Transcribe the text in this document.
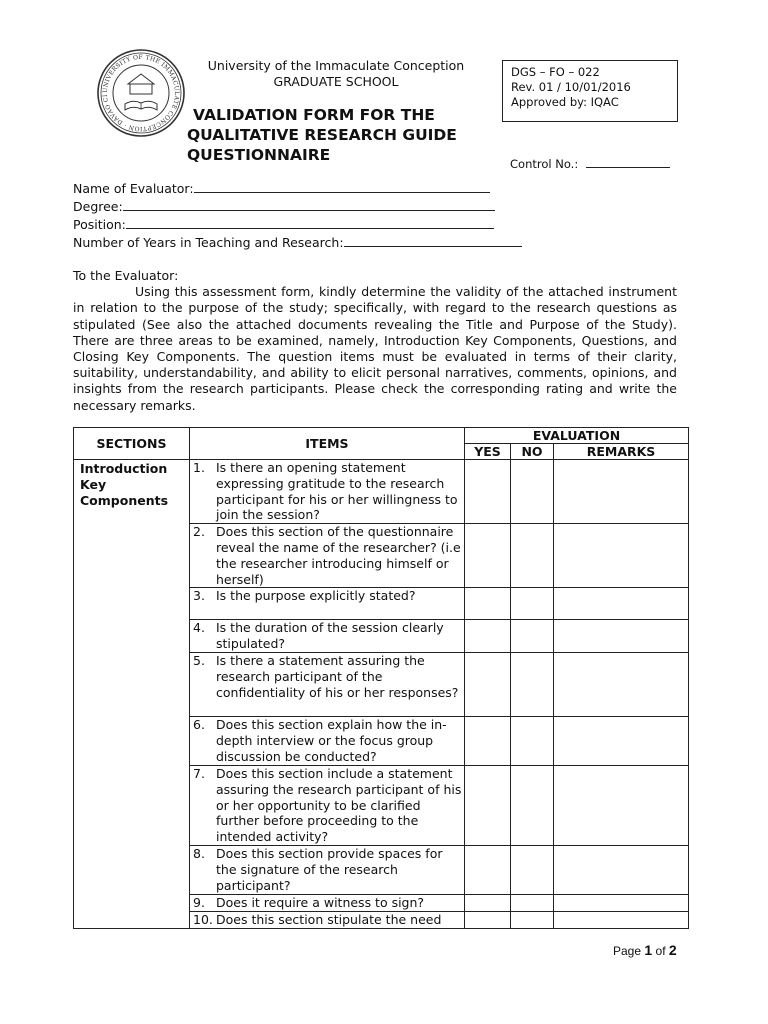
UNIVERSITY OF THE IMMACULATE CONCEPTION · DAVAO CI
University of the Immaculate Conception
GRADUATE SCHOOL
VALIDATION FORM FOR THE
QUALITATIVE RESEARCH GUIDE
QUESTIONNAIRE
DGS – FO – 022
Rev. 01 / 10/01/2016
Approved by: IQAC
Control No.:
Name of Evaluator:
Degree:
Position:
Number of Years in Teaching and Research:

To the Evaluator:

Using this assessment form, kindly determine the validity of the attached instrument in relation to the purpose of the study; specifically, with regard to the research questions as stipulated (See also the attached documents revealing the Title and Purpose of the Study). There are three areas to be examined, namely, Introduction Key Components, Questions, and Closing Key Components. The question items must be evaluated in terms of their clarity, suitability, understandability, and ability to elicit personal narratives, comments, opinions, and insights from the research participants. Please check the corresponding rating and write the necessary remarks.

SECTIONS	ITEMS	EVALUATION		
		YES	NO	REMARKS

Introduction Key Components	1. Is there an opening statement expressing gratitude to the research participant for his or her willingness to join the session?			

	2. Does this section of the questionnaire reveal the name of the researcher? (i.e the researcher introducing himself or herself)			

	3. Is the purpose explicitly stated?			

	4. Is the duration of the session clearly stipulated?			

	5. Is there a statement assuring the research participant of the confidentiality of his or her responses?			

	6. Does this section explain how the in-depth interview or the focus group discussion be conducted?			

	7. Does this section include a statement assuring the research participant of his or her opportunity to be clarified further before proceeding to the intended activity?			

	8. Does this section provide spaces for the signature of the research participant?			

	9. Does it require a witness to sign?			

	10. Does this section stipulate the need			

Page 1 of 2
